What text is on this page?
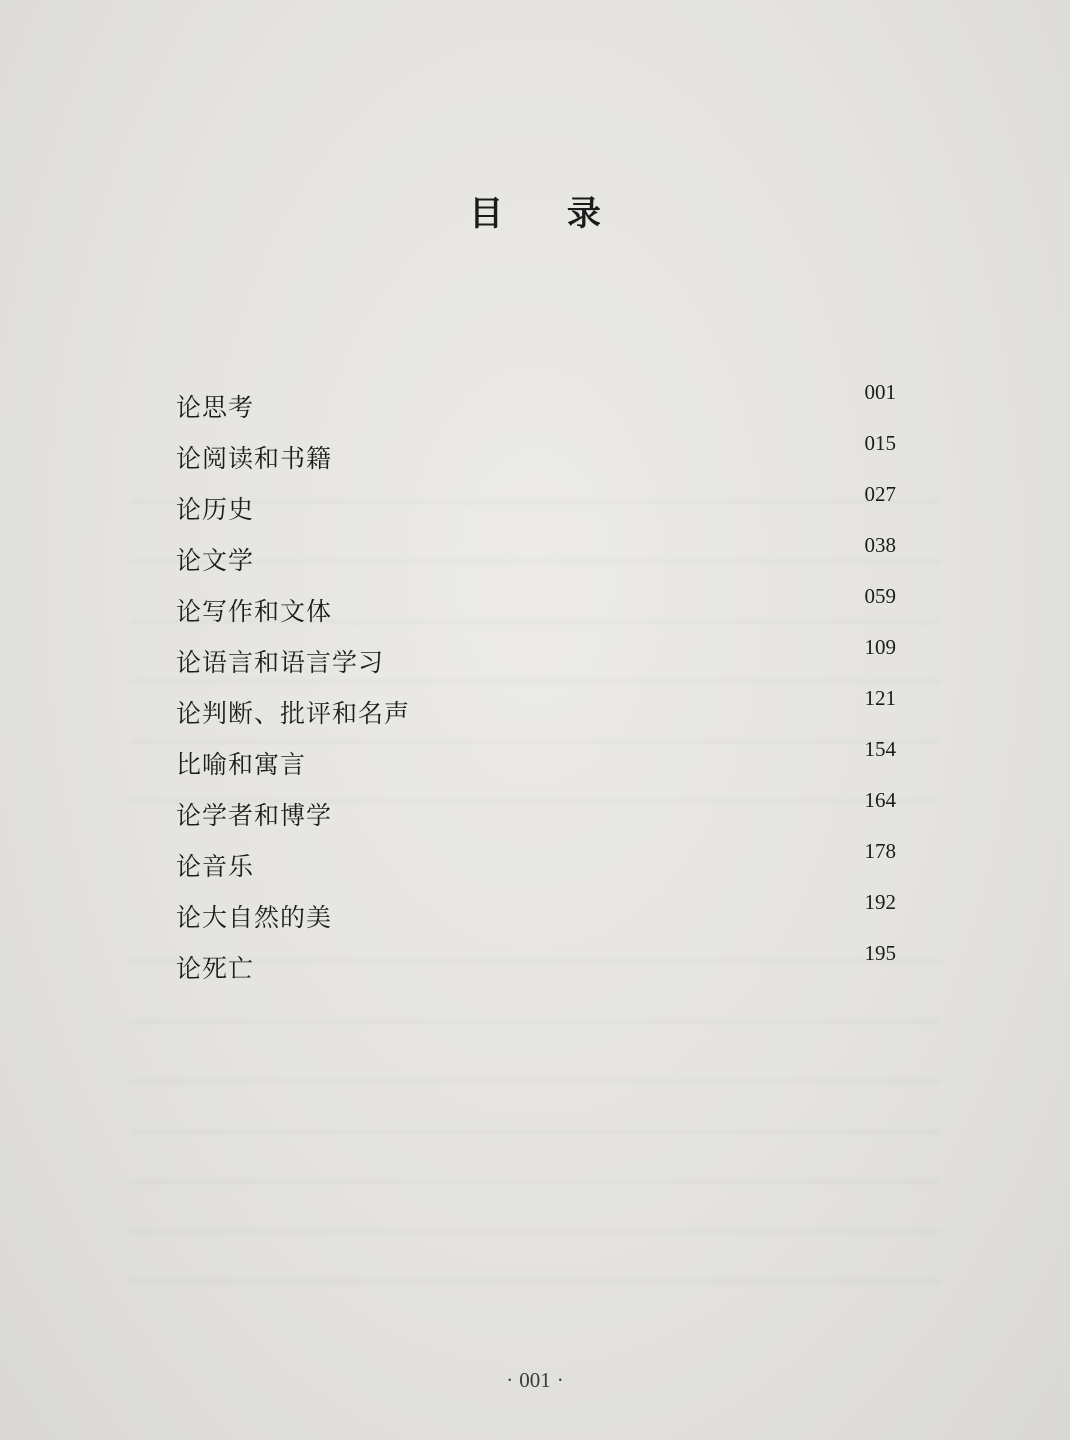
目 录
论思考
001
论阅读和书籍
015
论历史
027
论文学
038
论写作和文体
059
论语言和语言学习
109
论判断、批评和名声
121
比喻和寓言
154
论学者和博学
164
论音乐
178
论大自然的美
192
论死亡
195
· 001 ·
